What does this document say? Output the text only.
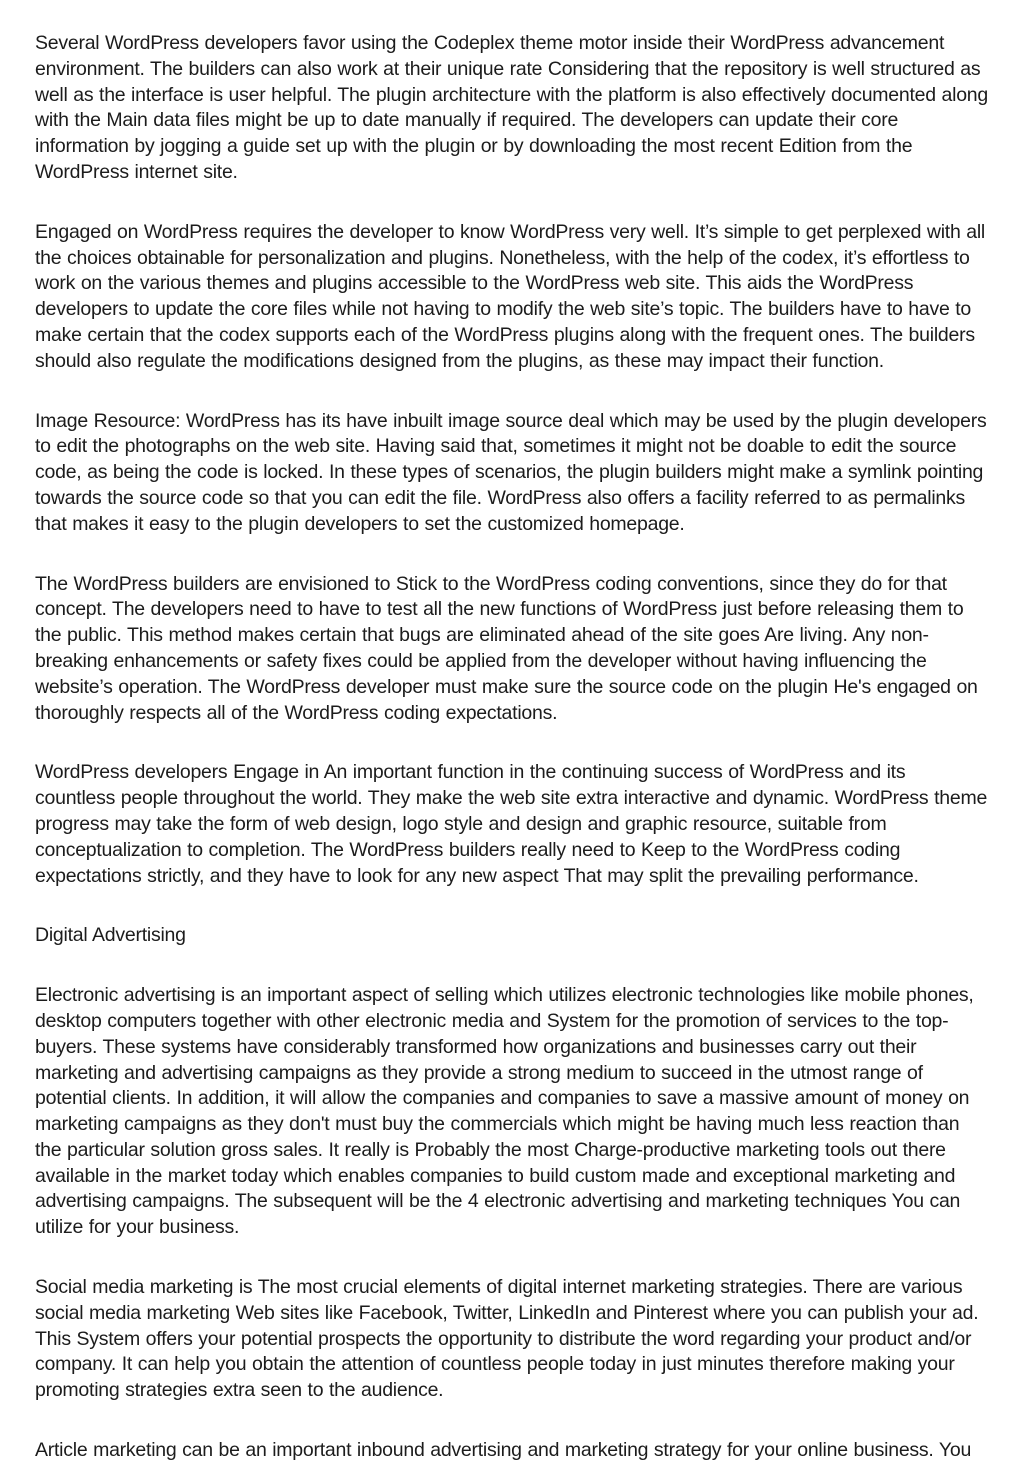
Several WordPress developers favor using the Codeplex theme motor inside their WordPress advancement environment. The builders can also work at their unique rate Considering that the repository is well structured as well as the interface is user helpful. The plugin architecture with the platform is also effectively documented along with the Main data files might be up to date manually if required. The developers can update their core information by jogging a guide set up with the plugin or by downloading the most recent Edition from the WordPress internet site.

Engaged on WordPress requires the developer to know WordPress very well. It’s simple to get perplexed with all the choices obtainable for personalization and plugins. Nonetheless, with the help of the codex, it’s effortless to work on the various themes and plugins accessible to the WordPress web site. This aids the WordPress developers to update the core files while not having to modify the web site’s topic. The builders have to have to make certain that the codex supports each of the WordPress plugins along with the frequent ones. The builders should also regulate the modifications designed from the plugins, as these may impact their function.

Image Resource: WordPress has its have inbuilt image source deal which may be used by the plugin developers to edit the photographs on the web site. Having said that, sometimes it might not be doable to edit the source code, as being the code is locked. In these types of scenarios, the plugin builders might make a symlink pointing towards the source code so that you can edit the file. WordPress also offers a facility referred to as permalinks that makes it easy to the plugin developers to set the customized homepage.

The WordPress builders are envisioned to Stick to the WordPress coding conventions, since they do for that concept. The developers need to have to test all the new functions of WordPress just before releasing them to the public. This method makes certain that bugs are eliminated ahead of the site goes Are living. Any non-breaking enhancements or safety fixes could be applied from the developer without having influencing the website’s operation. The WordPress developer must make sure the source code on the plugin He's engaged on thoroughly respects all of the WordPress coding expectations.

WordPress developers Engage in An important function in the continuing success of WordPress and its countless people throughout the world. They make the web site extra interactive and dynamic. WordPress theme progress may take the form of web design, logo style and design and graphic resource, suitable from conceptualization to completion. The WordPress builders really need to Keep to the WordPress coding expectations strictly, and they have to look for any new aspect That may split the prevailing performance.

Digital Advertising

Electronic advertising is an important aspect of selling which utilizes electronic technologies like mobile phones, desktop computers together with other electronic media and System for the promotion of services to the top-buyers. These systems have considerably transformed how organizations and businesses carry out their marketing and advertising campaigns as they provide a strong medium to succeed in the utmost range of potential clients. In addition, it will allow the companies and companies to save a massive amount of money on marketing campaigns as they don't must buy the commercials which might be having much less reaction than the particular solution gross sales. It really is Probably the most Charge-productive marketing tools out there available in the market today which enables companies to build custom made and exceptional marketing and advertising campaigns. The subsequent will be the 4 electronic advertising and marketing techniques You can utilize for your business.

Social media marketing is The most crucial elements of digital internet marketing strategies. There are various social media marketing Web sites like Facebook, Twitter, LinkedIn and Pinterest where you can publish your ad. This System offers your potential prospects the opportunity to distribute the word regarding your product and/or company. It can help you obtain the attention of countless people today in just minutes therefore making your promoting strategies extra seen to the audience.

Article marketing can be an important inbound advertising and marketing strategy for your online business. You
